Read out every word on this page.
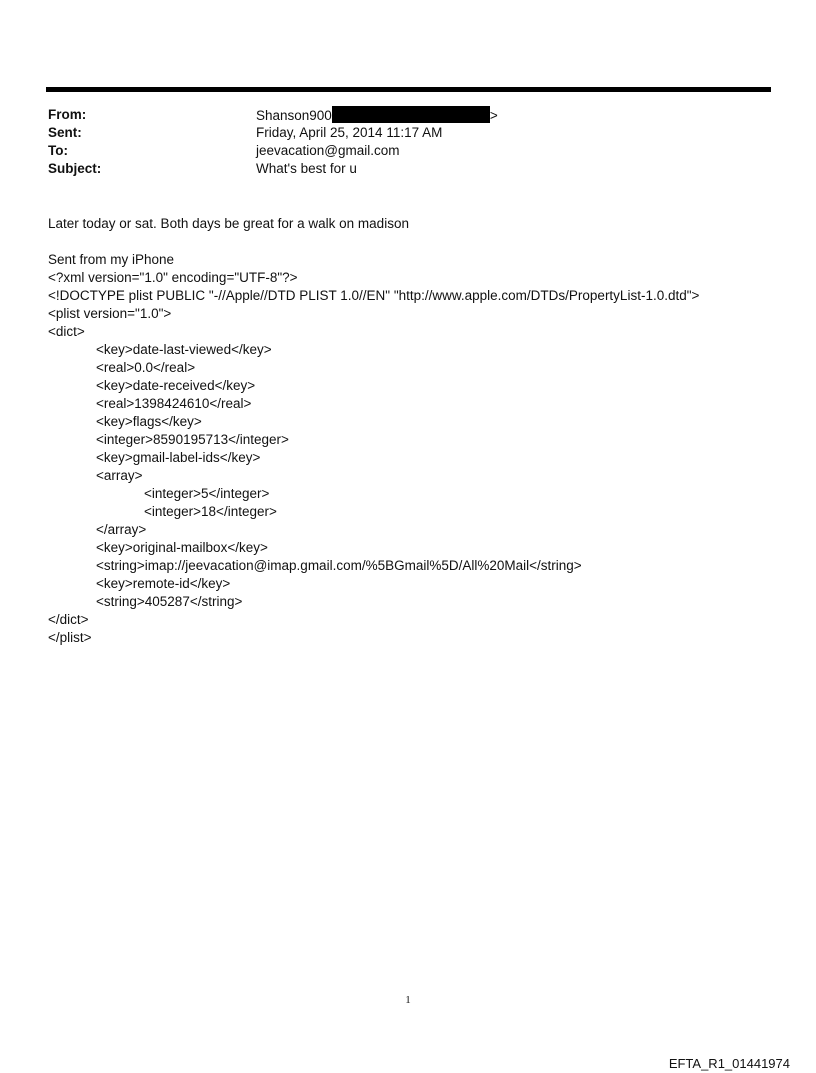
From:	Shanson900	>
Sent:	Friday, April 25, 2014 11:17 AM
To:	jeevacation@gmail.com
Subject:	What's best for u

Later today or sat. Both days be great for a walk on madison

Sent from my iPhone

<?xml version="1.0" encoding="UTF-8"?>

<!DOCTYPE plist PUBLIC "-//Apple//DTD PLIST 1.0//EN" "http://www.apple.com/DTDs/PropertyList-1.0.dtd">

<plist version="1.0">

<dict>

<key>date-last-viewed</key>

<real>0.0</real>

<key>date-received</key>

<real>1398424610</real>

<key>flags</key>

<integer>8590195713</integer>

<key>gmail-label-ids</key>

<array>

<integer>5</integer>

<integer>18</integer>

</array>

<key>original-mailbox</key>

<string>imap://jeevacation@imap.gmail.com/%5BGmail%5D/All%20Mail</string>

<key>remote-id</key>

<string>405287</string>

</dict>

</plist>

1
EFTA_R1_01441974
